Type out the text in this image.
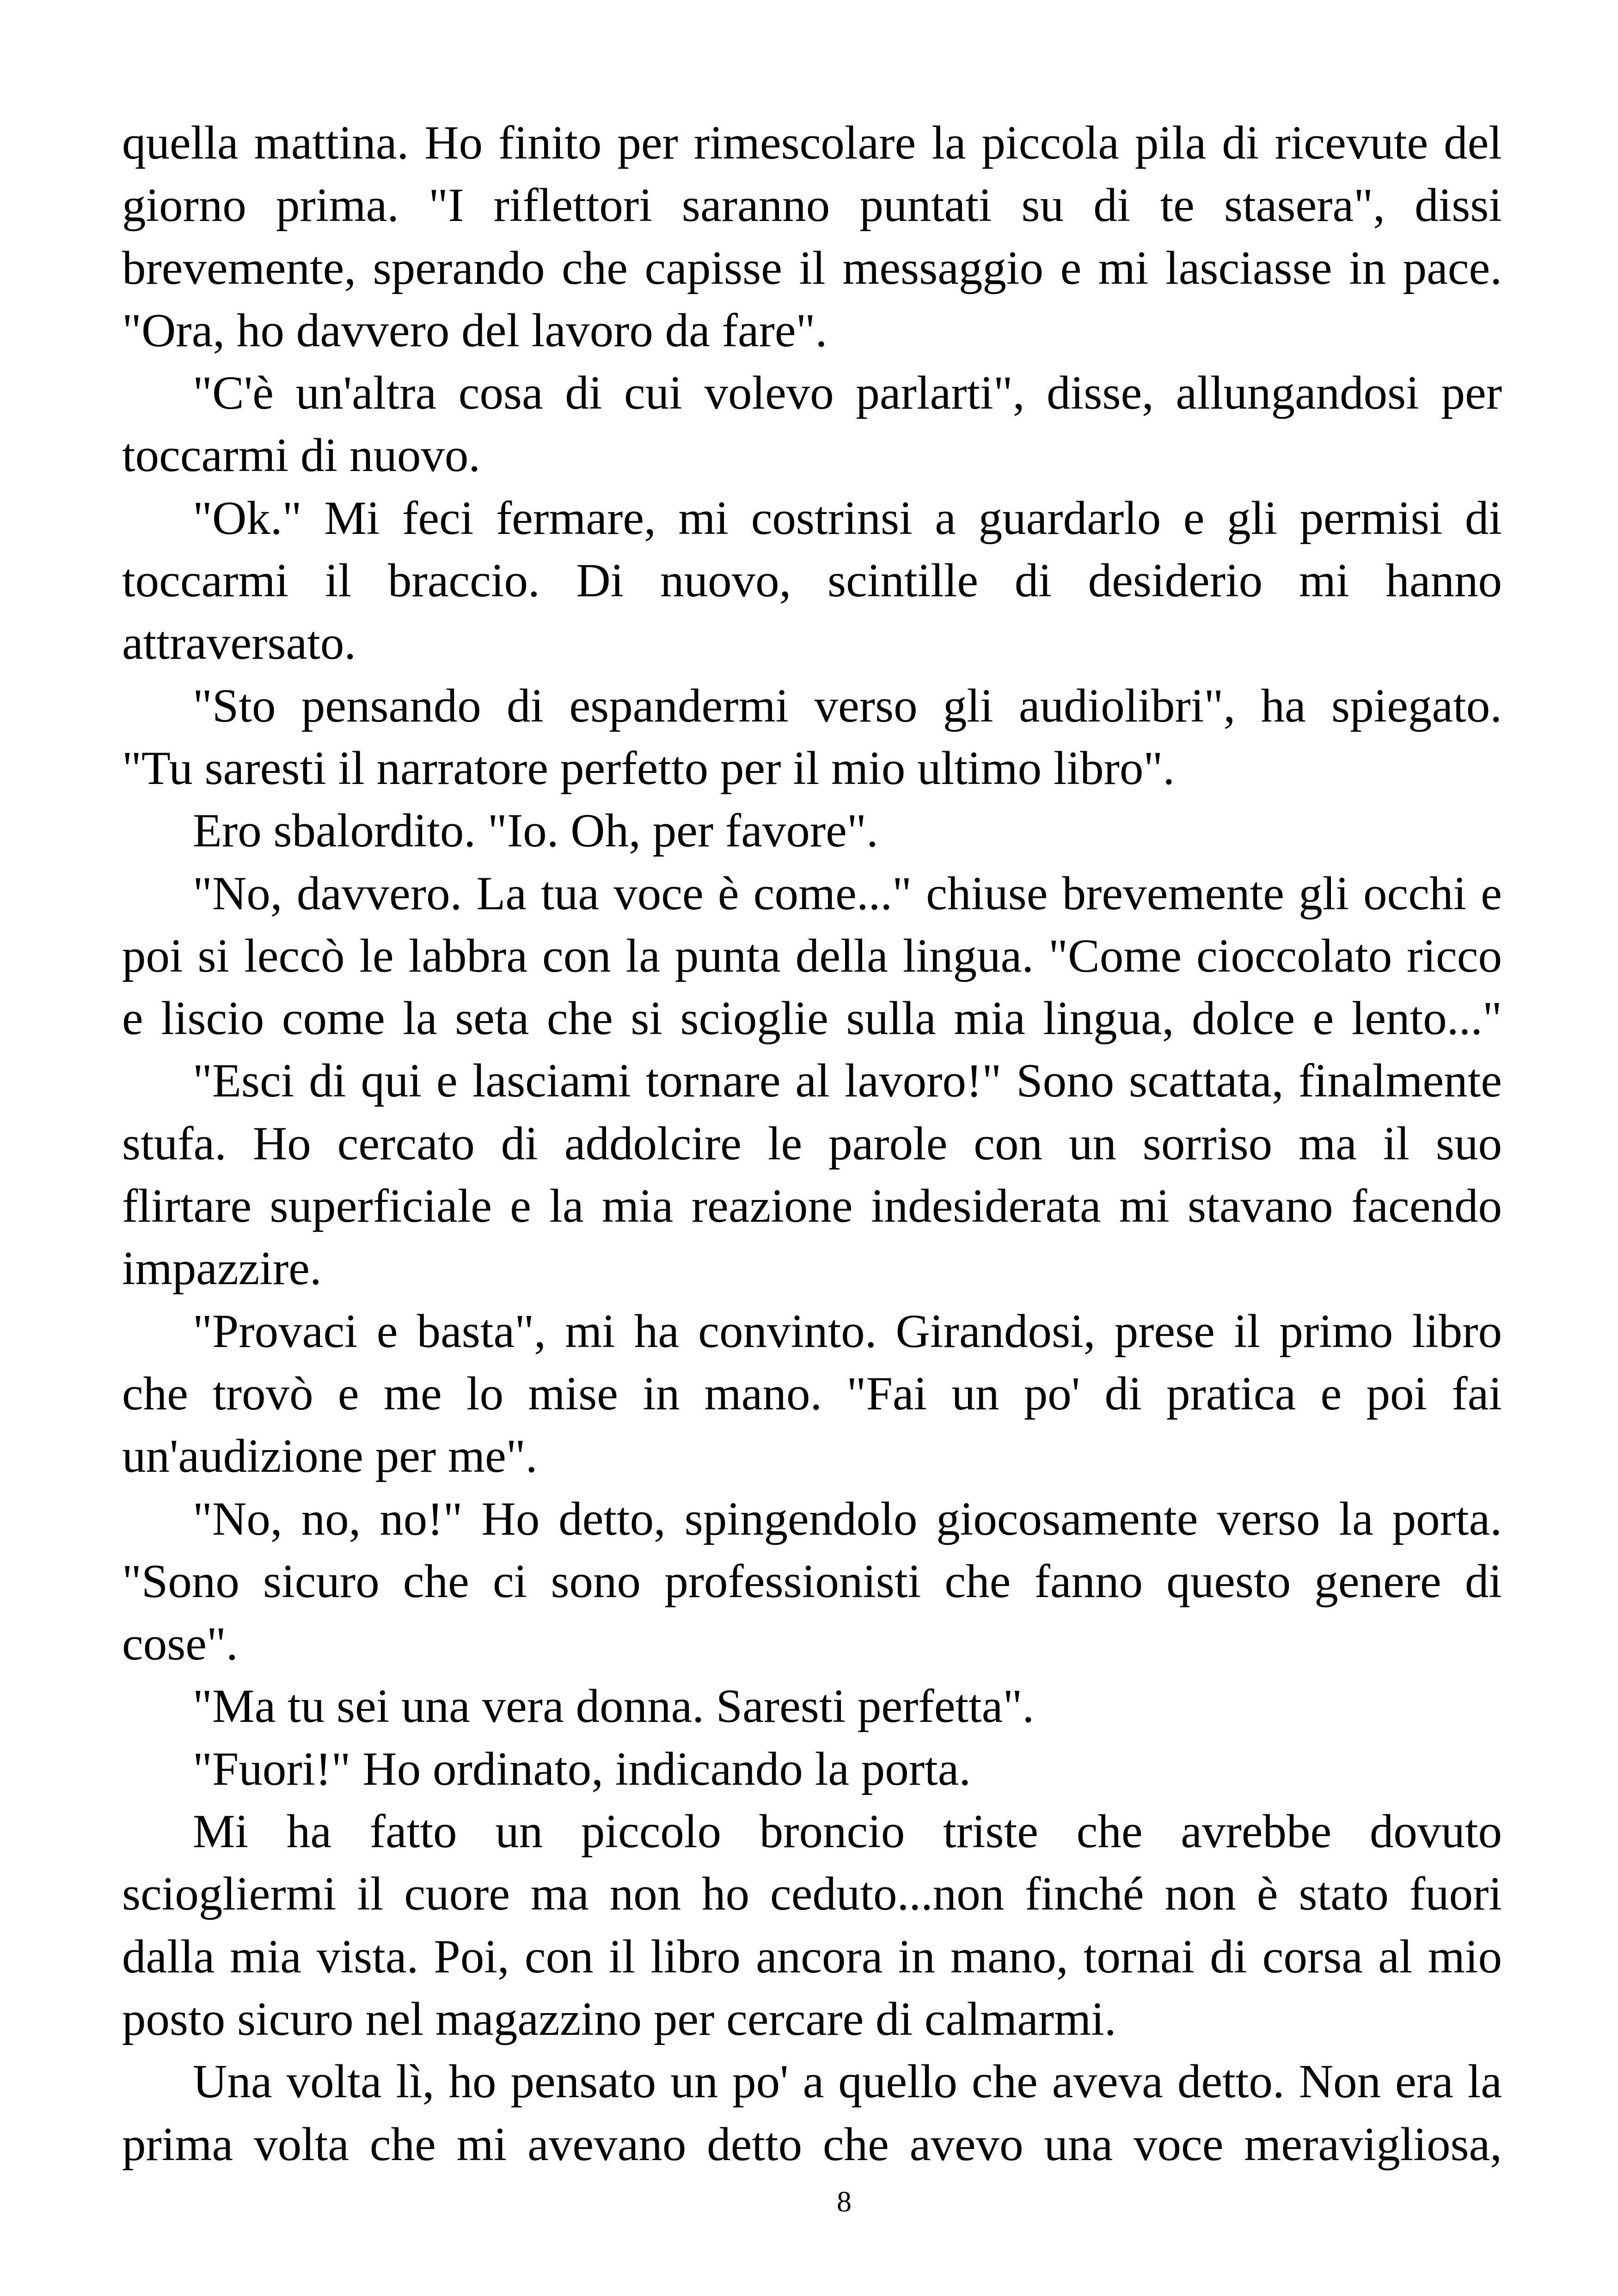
quella mattina. Ho finito per rimescolare la piccola pila di ricevute del
giorno prima. "I riflettori saranno puntati su di te stasera", dissi
brevemente, sperando che capisse il messaggio e mi lasciasse in pace.
"Ora, ho davvero del lavoro da fare".
"C'è un'altra cosa di cui volevo parlarti", disse, allungandosi per
toccarmi di nuovo.
"Ok." Mi feci fermare, mi costrinsi a guardarlo e gli permisi di
toccarmi il braccio. Di nuovo, scintille di desiderio mi hanno
attraversato.
"Sto pensando di espandermi verso gli audiolibri", ha spiegato.
"Tu saresti il narratore perfetto per il mio ultimo libro".
Ero sbalordito. "Io. Oh, per favore".
"No, davvero. La tua voce è come..." chiuse brevemente gli occhi e
poi si leccò le labbra con la punta della lingua. "Come cioccolato ricco
e liscio come la seta che si scioglie sulla mia lingua, dolce e lento..."
"Esci di qui e lasciami tornare al lavoro!" Sono scattata, finalmente
stufa. Ho cercato di addolcire le parole con un sorriso ma il suo
flirtare superficiale e la mia reazione indesiderata mi stavano facendo
impazzire.
"Provaci e basta", mi ha convinto. Girandosi, prese il primo libro
che trovò e me lo mise in mano. "Fai un po' di pratica e poi fai
un'audizione per me".
"No, no, no!" Ho detto, spingendolo giocosamente verso la porta.
"Sono sicuro che ci sono professionisti che fanno questo genere di
cose".
"Ma tu sei una vera donna. Saresti perfetta".
"Fuori!" Ho ordinato, indicando la porta.
Mi ha fatto un piccolo broncio triste che avrebbe dovuto
sciogliermi il cuore ma non ho ceduto...non finché non è stato fuori
dalla mia vista. Poi, con il libro ancora in mano, tornai di corsa al mio
posto sicuro nel magazzino per cercare di calmarmi.
Una volta lì, ho pensato un po' a quello che aveva detto. Non era la
prima volta che mi avevano detto che avevo una voce meravigliosa,
8
